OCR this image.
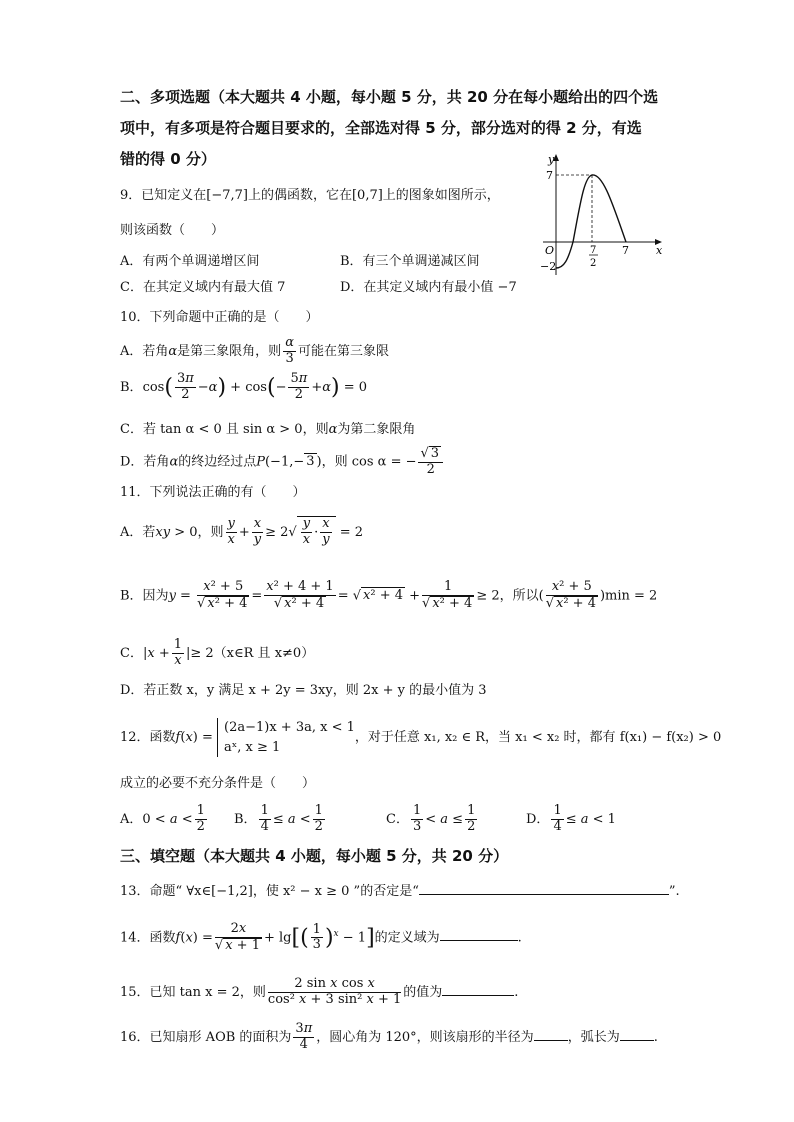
二、多项选题（本大题共 4 小题，每小题 5 分，共 20 分在每小题给出的四个选
项中，有多项是符合题目要求的，全部选对得 5 分，部分选对的得 2 分，有选
错的得 0 分）
9．已知定义在[−7,7]上的偶函数，它在[0,7]上的图象如图所示，
则该函数（　　）
A．有两个单调递增区间	B．有三个单调递减区间
C．在其定义域内有最大值 7	D．在其定义域内有最小值 −7
y
x
O
7
−2
7
2
7
10．下列命题中正确的是（　　）
A．若角α是第三象限角，则 $\frac{\alpha}{3}$ 可能在第三象限
B．$\cos( \frac{3\pi}{2} -\alpha) + \cos(- \frac{5\pi}{2} +\alpha) = 0$
C．若 tan α < 0 且 sin α > 0，则α为第二象限角
D．若角α的终边经过点P(−1,− 3 )，则 cos α = − $\frac{√ 3}{2}$
11．下列说法正确的有（　　）
A．若xy > 0，则 $\frac{y}{x} + \frac{x}{y} \ge 2√ \frac{y}{x} \cdot \frac{x}{y} = 2$
B．因为$y = \frac{\text{x² + 5}}{\text{√ x² + 4}} = \frac{\text{x² + 4 + 1}}{\text{√ x² + 4}}$ = √ $x^2 + 4 + \frac{1}{\text{√ x² + 4}} \ge 2$，所以( $\frac{\text{x² + 5}}{\text{√ x² + 4}} )\min = 2$
C．$|x + \frac{1}{x}$ |≥ 2（x∈R 且 x≠0）
D．若正数 x，y 满足 x + 2y = 3xy，则 2x + y 的最小值为 3
12．函数f(x) =
(2a−1)x + 3a, x < 1
aˣ, x ≥ 1
，对于任意 x₁, x₂ ∈ R，当 x₁ < x₂ 时，都有 f(x₁) − f(x₂) > 0
成立的必要不充分条件是（　　）
A．$0 < a < \frac{1}{2}$ B． $\frac{1}{4} \le a < \frac{1}{2}$	C． $\frac{1}{3} < a \le \frac{1}{2}$	D． $\frac{1}{4} \le a < 1$
三、填空题（本大题共 4 小题，每小题 5 分，共 20 分）
13．命题“ ∀x∈[−1,2]，使 x² − x ≥ 0 ”的否定是“	”.
14．函数$f(x) = \frac{2x}{√ x + 1} + \lg[( \frac{1}{3} )^x - 1]$的定义域为	.
15．已知 tan x = 2，则 $\frac{\text{2 sin x cos x}}{\text{cos² x + 3 sin² x + 1}}$ 的值为	.
16．已知扇形 AOB 的面积为 $\frac{3\pi}{4}$ ，圆心角为 120°，则该扇形的半径为	，弧长为	.
